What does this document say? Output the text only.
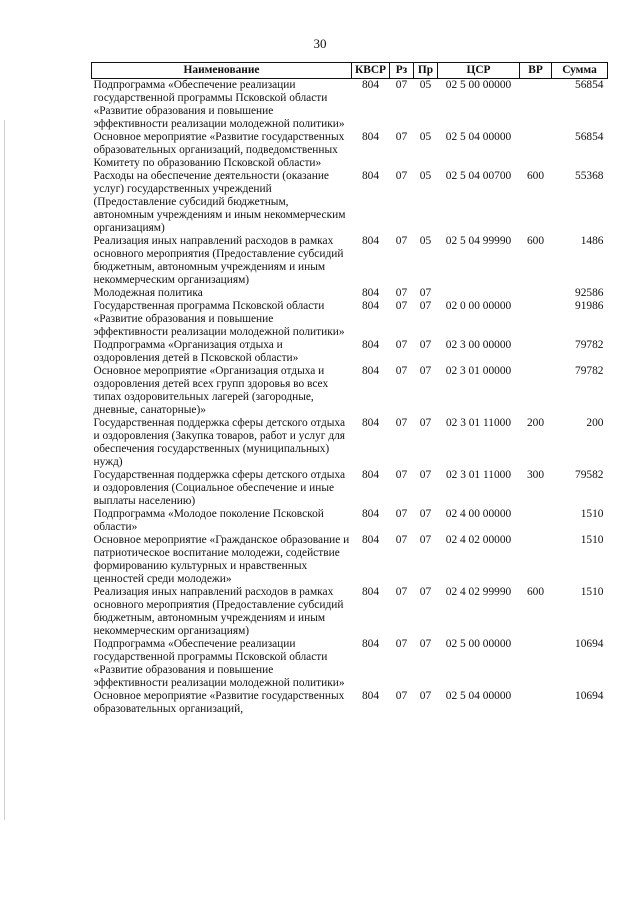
30
Наименование	КВСР	Рз	Пр	ЦСР	ВР	Сумма
Подпрограмма «Обеспечение реализации государственной программы Псковской области «Развитие образования и повышение эффективности реализации молодежной политики»	804	07	05	02 5 00 00000		56854
Основное мероприятие «Развитие государственных образовательных организаций, подведомственных Комитету по образованию Псковской области»	804	07	05	02 5 04 00000		56854
Расходы на обеспечение деятельности (оказание услуг) государственных учреждений (Предоставление субсидий бюджетным, автономным учреждениям и иным некоммерческим организациям)	804	07	05	02 5 04 00700	600	55368
Реализация иных направлений расходов в рамках основного мероприятия (Предоставление субсидий бюджетным, автономным учреждениям и иным некоммерческим организациям)	804	07	05	02 5 04 99990	600	1486
Молодежная политика	804	07	07			92586
Государственная программа Псковской области «Развитие образования и повышение эффективности реализации молодежной политики»	804	07	07	02 0 00 00000		91986
Подпрограмма «Организация отдыха и оздоровления детей в Псковской области»	804	07	07	02 3 00 00000		79782
Основное мероприятие «Организация отдыха и оздоровления детей всех групп здоровья во всех типах оздоровительных лагерей (загородные, дневные, санаторные)»	804	07	07	02 3 01 00000		79782
Государственная поддержка сферы детского отдыха и оздоровления (Закупка товаров, работ и услуг для обеспечения государственных (муниципальных) нужд)	804	07	07	02 3 01 11000	200	200
Государственная поддержка сферы детского отдыха и оздоровления (Социальное обеспечение и иные выплаты населению)	804	07	07	02 3 01 11000	300	79582
Подпрограмма «Молодое поколение Псковской области»	804	07	07	02 4 00 00000		1510
Основное мероприятие «Гражданское образование и патриотическое воспитание молодежи, содействие формированию культурных и нравственных ценностей среди молодежи»	804	07	07	02 4 02 00000		1510
Реализация иных направлений расходов в рамках основного мероприятия (Предоставление субсидий бюджетным, автономным учреждениям и иным некоммерческим организациям)	804	07	07	02 4 02 99990	600	1510
Подпрограмма «Обеспечение реализации государственной программы Псковской области «Развитие образования и повышение эффективности реализации молодежной политики»	804	07	07	02 5 00 00000		10694
Основное мероприятие «Развитие государственных образовательных организаций,	804	07	07	02 5 04 00000		10694
